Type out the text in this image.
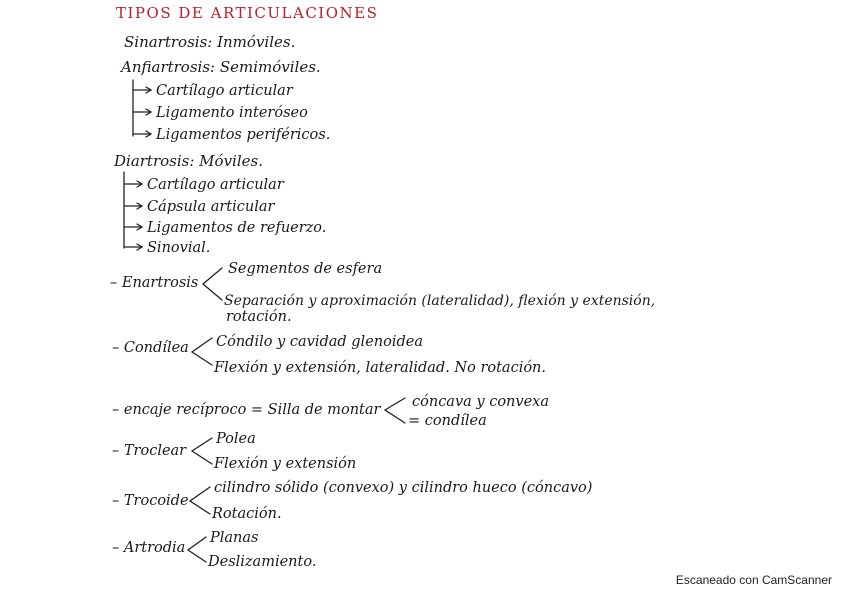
TIPOS DE ARTICULACIONES
Sinartrosis: Inmóviles.
Anfiartrosis: Semimóviles.
Cartílago articular
Ligamento interóseo
Ligamentos periféricos.
Diartrosis: Móviles.
Cartílago articular
Cápsula articular
Ligamentos de refuerzo.
Sinovial.
– Enartrosis
Segmentos de esfera
Separación y aproximación (lateralidad), flexión y extensión,
rotación.
– Condílea Cóndilo y cavidad glenoidea
Flexión y extensión, lateralidad. No rotación.
– encaje recíproco = Silla de montar cóncava y convexa
= condílea
– Troclear
Polea
Flexión y extensión
– Trocoide
cilindro sólido (convexo) y cilindro hueco (cóncavo)
Rotación.
– Artrodia
Planas
Deslizamiento.
Escaneado con CamScanner
